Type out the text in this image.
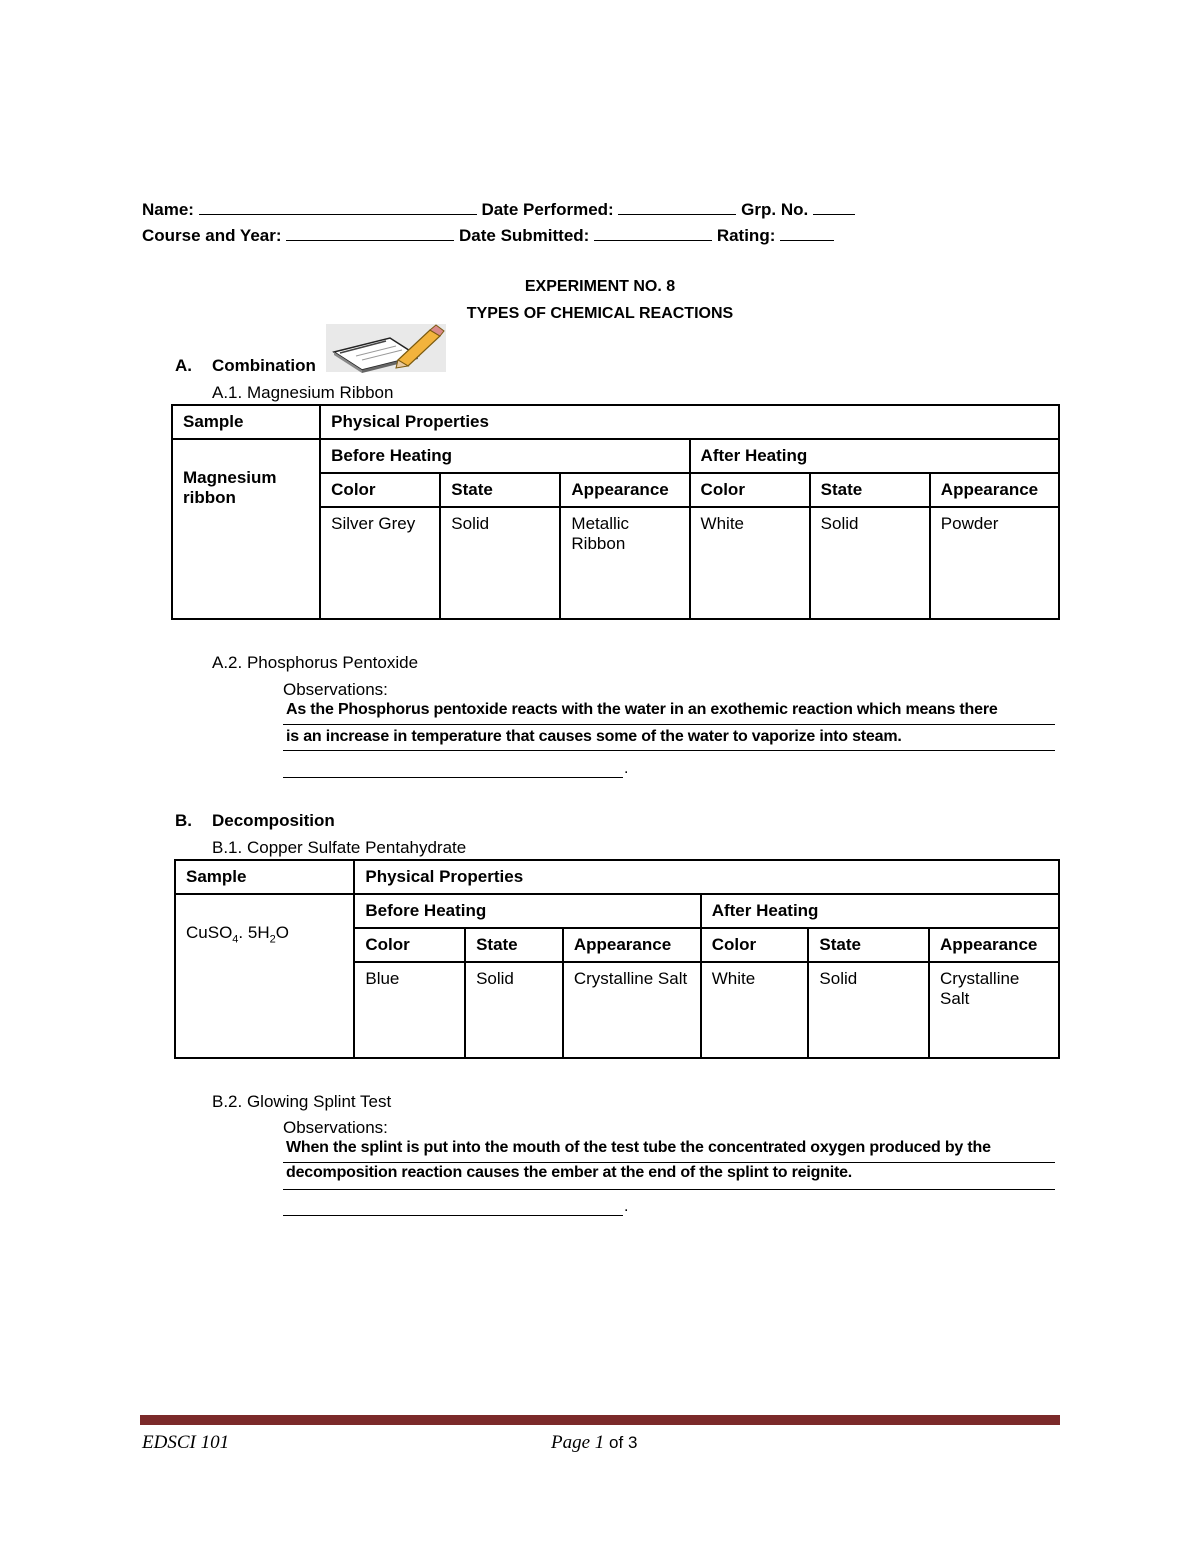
Name:	Date Performed:	Grp. No.
Course and Year:	Date Submitted:	Rating:
EXPERIMENT NO. 8
TYPES OF CHEMICAL REACTIONS
A. Combination
A.1. Magnesium Ribbon
Sample	Physical Properties					
Magnesium ribbon	Before Heating			After Heating		
	Color	State	Appearance	Color	State	Appearance
	Silver Grey	Solid	Metallic Ribbon	White	Solid	Powder
A.2. Phosphorus Pentoxide
Observations:
As the Phosphorus pentoxide reacts with the water in an exothemic reaction which means there
is an increase in temperature that causes some of the water to vaporize into steam.
.
B. Decomposition
B.1. Copper Sulfate Pentahydrate
Sample	Physical Properties					
CuSO$_4$. $5H_2O$	Before Heating			After Heating		
	Color	State	Appearance	Color	State	Appearance
	Blue	Solid	Crystalline Salt	White	Solid	Crystalline Salt
B.2. Glowing Splint Test
Observations:
When the splint is put into the mouth of the test tube the concentrated oxygen produced by the
decomposition reaction causes the ember at the end of the splint to reignite.
.
EDSCI 101	Page 1 of 3
